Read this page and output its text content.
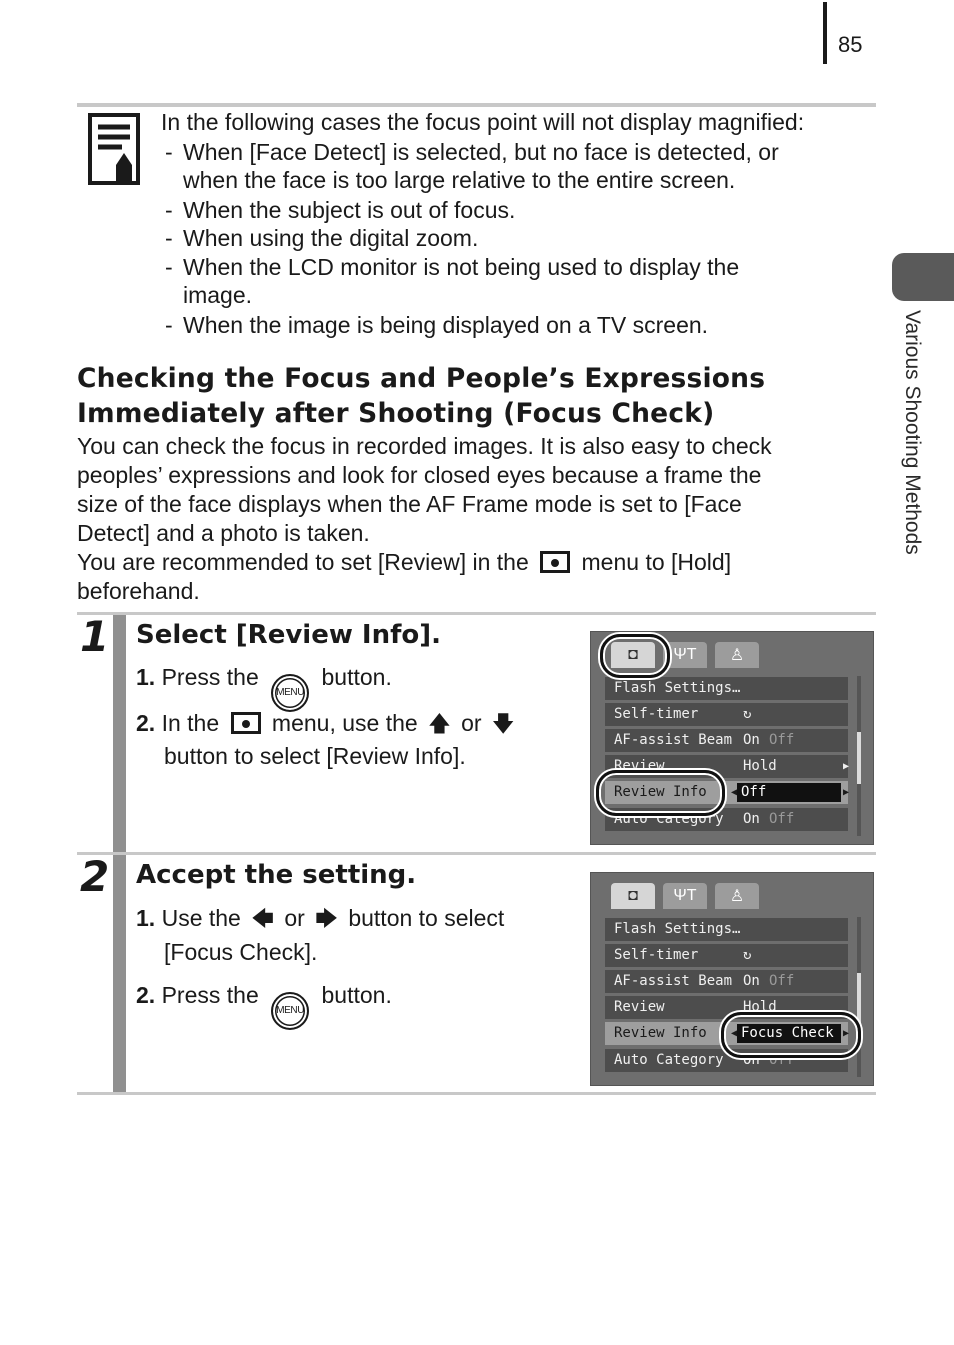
85
Various Shooting Methods
In the following cases the focus point will not display magnified:
- When [Face Detect] is selected, but no face is detected, or
when the face is too large relative to the entire screen.
- When the subject is out of focus.
- When using the digital zoom.
- When the LCD monitor is not being used to display the
image.
- When the image is being displayed on a TV screen.
Checking the Focus and People’s Expressions
Immediately after Shooting (Focus Check)
You can check the focus in recorded images. It is also easy to check
peoples’ expressions and look for closed eyes because a frame the
size of the face displays when the AF Frame mode is set to [Face
Detect] and a photo is taken.
You are recommended to set [Review] in the menu to [Hold]
beforehand.
1 Select [Review Info].
1. Press the MENU button.
2. In the menu, use the 🡅 or 🡇
button to select [Review Info].
◘	ΨT	♙
Flash Settings…
Self-timer	↻
AF-assist Beam On Off
Review	Hold	▶
Review Info ◀ Off	▶
Auto Category On Off
2 Accept the setting.
1. Use the 🡄 or 🡆 button to select
[Focus Check].
2. Press the MENU button.
◘	ΨT	♙
Flash Settings…
Self-timer	↻
AF-assist Beam On Off
Review	Hold
Review Info ◀ Focus Check ▶
Auto Category On Off
